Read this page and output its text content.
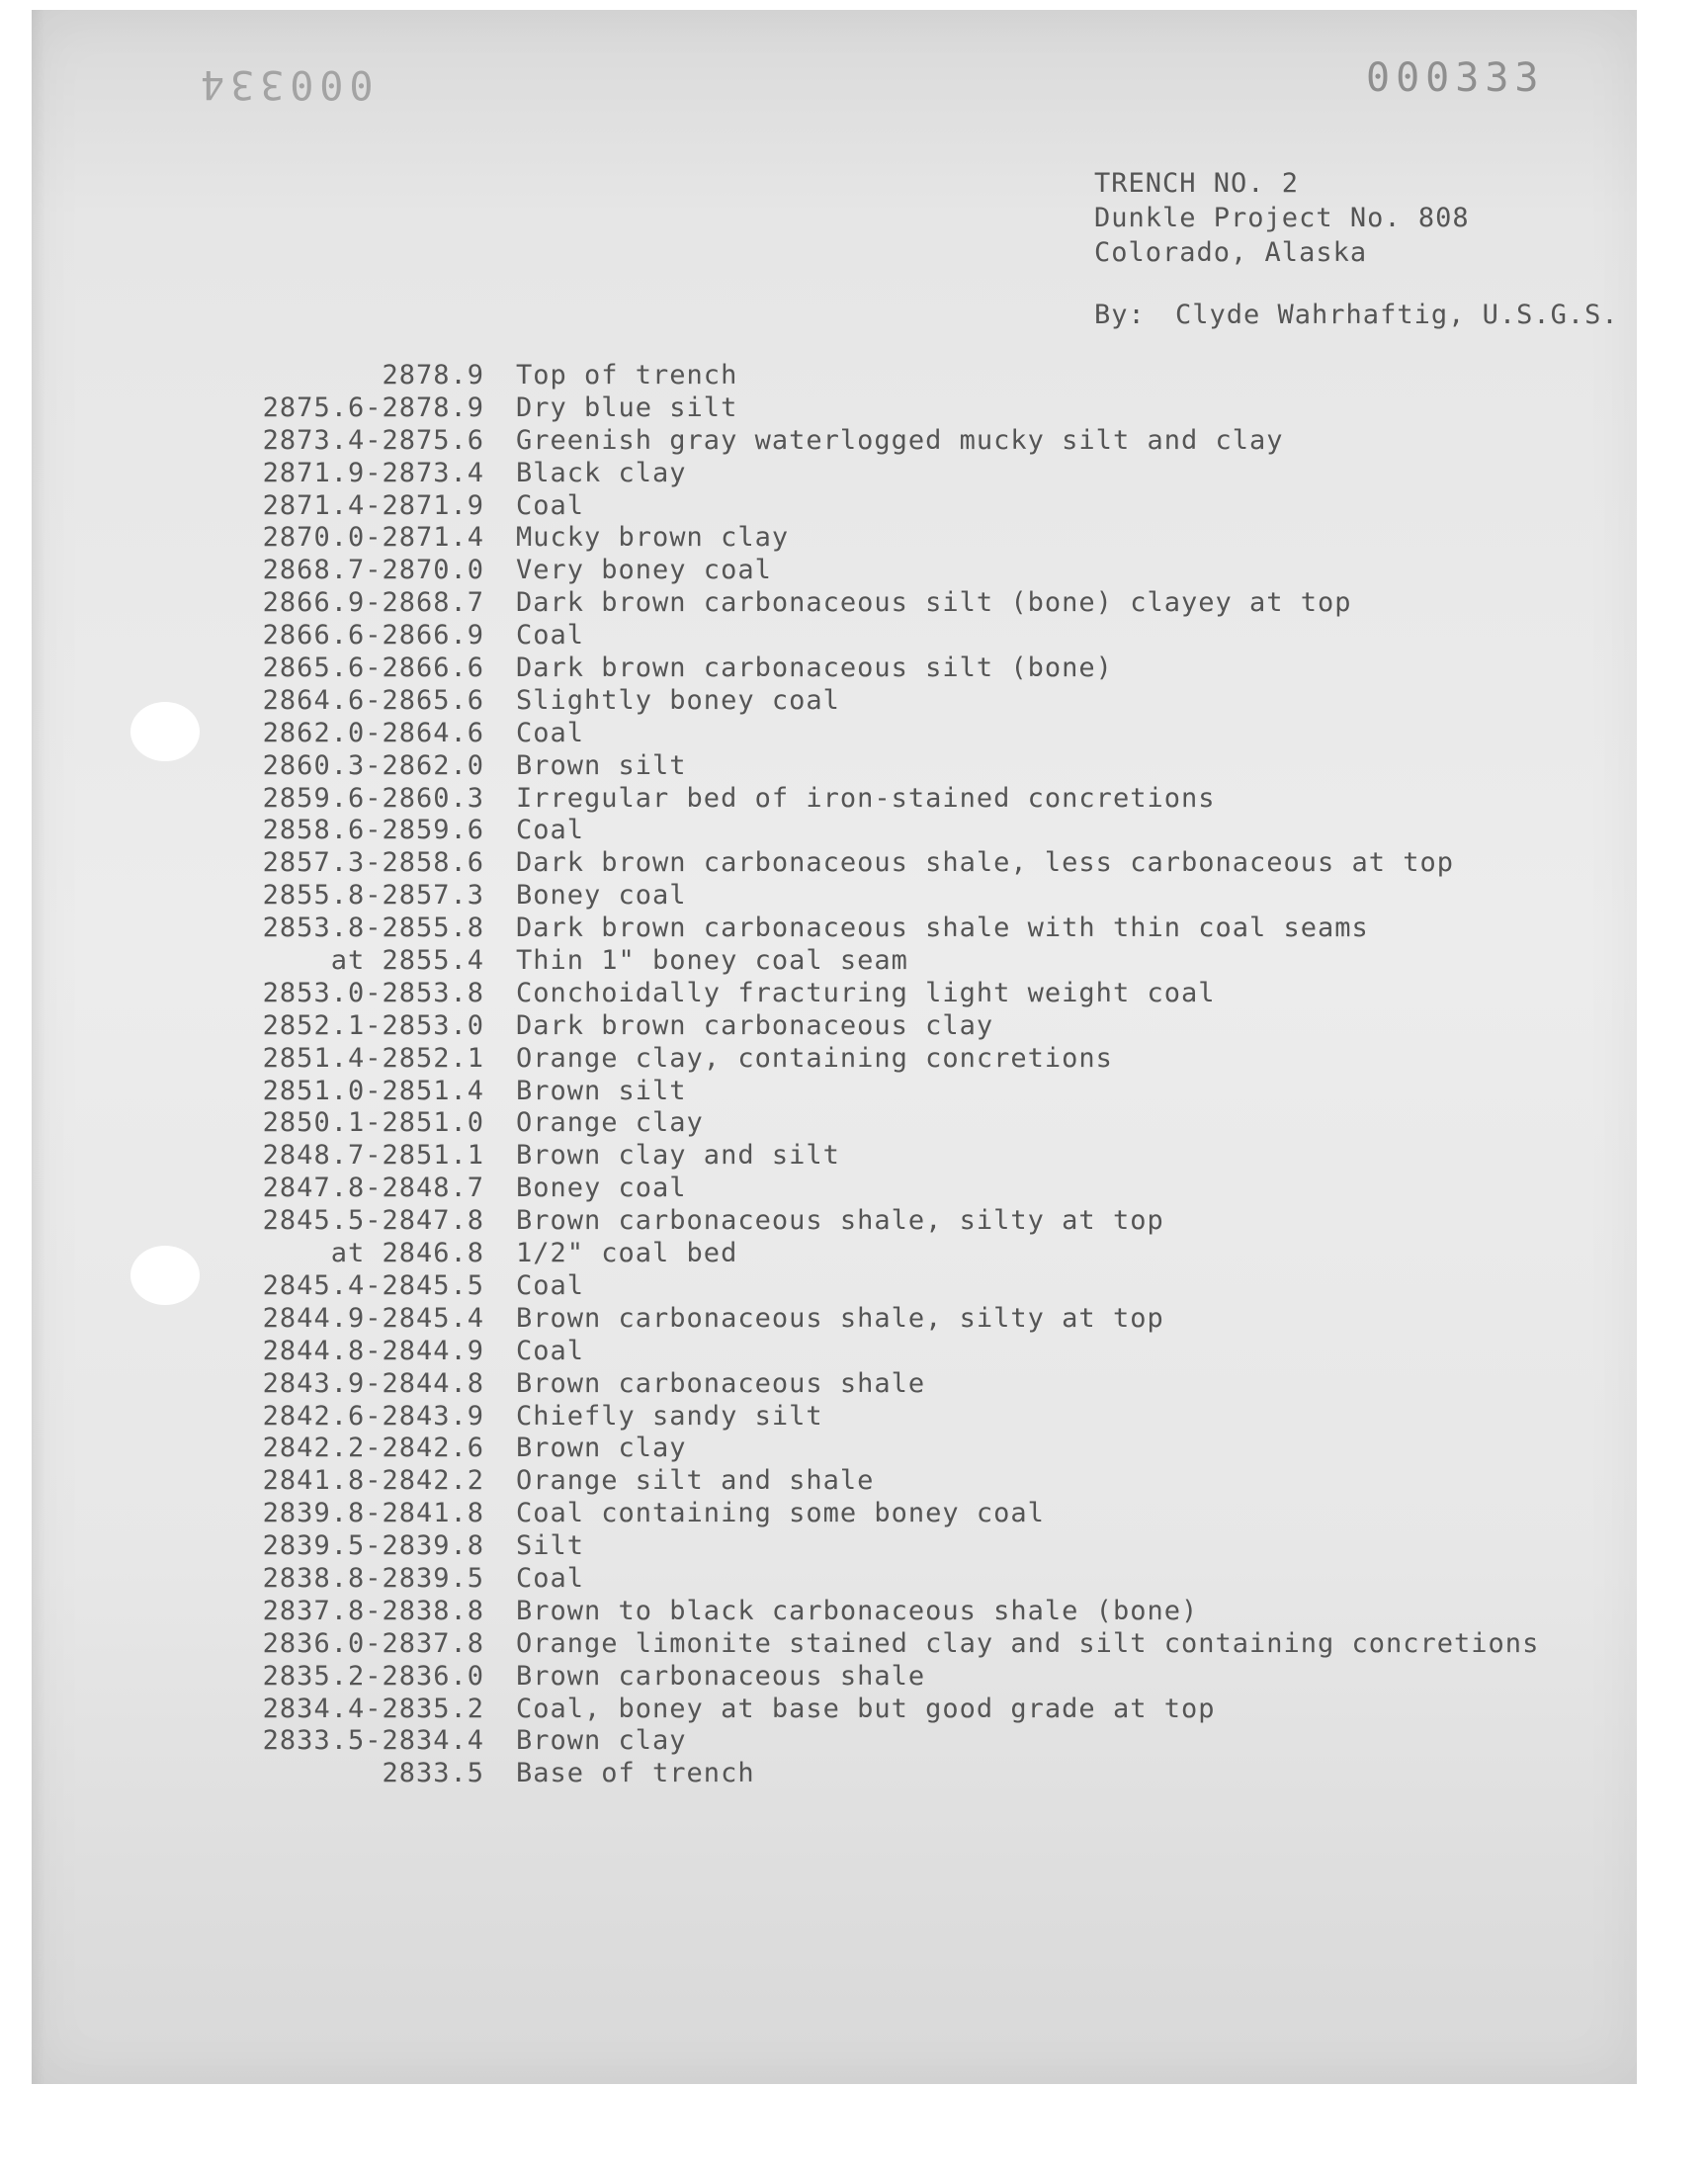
000334	000333
TRENCH NO. 2
Dunkle Project No. 808
Colorado, Alaska
By: Clyde Wahrhaftig, U.S.G.S.
2878.9	Top of trench
2875.6-2878.9	Dry blue silt
2873.4-2875.6	Greenish gray waterlogged mucky silt and clay
2871.9-2873.4	Black clay
2871.4-2871.9	Coal
2870.0-2871.4	Mucky brown clay
2868.7-2870.0	Very boney coal
2866.9-2868.7	Dark brown carbonaceous silt (bone) clayey at top
2866.6-2866.9	Coal
2865.6-2866.6	Dark brown carbonaceous silt (bone)
2864.6-2865.6	Slightly boney coal
2862.0-2864.6	Coal
2860.3-2862.0	Brown silt
2859.6-2860.3	Irregular bed of iron-stained concretions
2858.6-2859.6	Coal
2857.3-2858.6	Dark brown carbonaceous shale, less carbonaceous at top
2855.8-2857.3	Boney coal
2853.8-2855.8	Dark brown carbonaceous shale with thin coal seams
at 2855.4	Thin 1" boney coal seam
2853.0-2853.8	Conchoidally fracturing light weight coal
2852.1-2853.0	Dark brown carbonaceous clay
2851.4-2852.1	Orange clay, containing concretions
2851.0-2851.4	Brown silt
2850.1-2851.0	Orange clay
2848.7-2851.1	Brown clay and silt
2847.8-2848.7	Boney coal
2845.5-2847.8	Brown carbonaceous shale, silty at top
at 2846.8	1/2" coal bed
2845.4-2845.5	Coal
2844.9-2845.4	Brown carbonaceous shale, silty at top
2844.8-2844.9	Coal
2843.9-2844.8	Brown carbonaceous shale
2842.6-2843.9	Chiefly sandy silt
2842.2-2842.6	Brown clay
2841.8-2842.2	Orange silt and shale
2839.8-2841.8	Coal containing some boney coal
2839.5-2839.8	Silt
2838.8-2839.5	Coal
2837.8-2838.8	Brown to black carbonaceous shale (bone)
2836.0-2837.8	Orange limonite stained clay and silt containing concretions
2835.2-2836.0	Brown carbonaceous shale
2834.4-2835.2	Coal, boney at base but good grade at top
2833.5-2834.4	Brown clay
2833.5	Base of trench
